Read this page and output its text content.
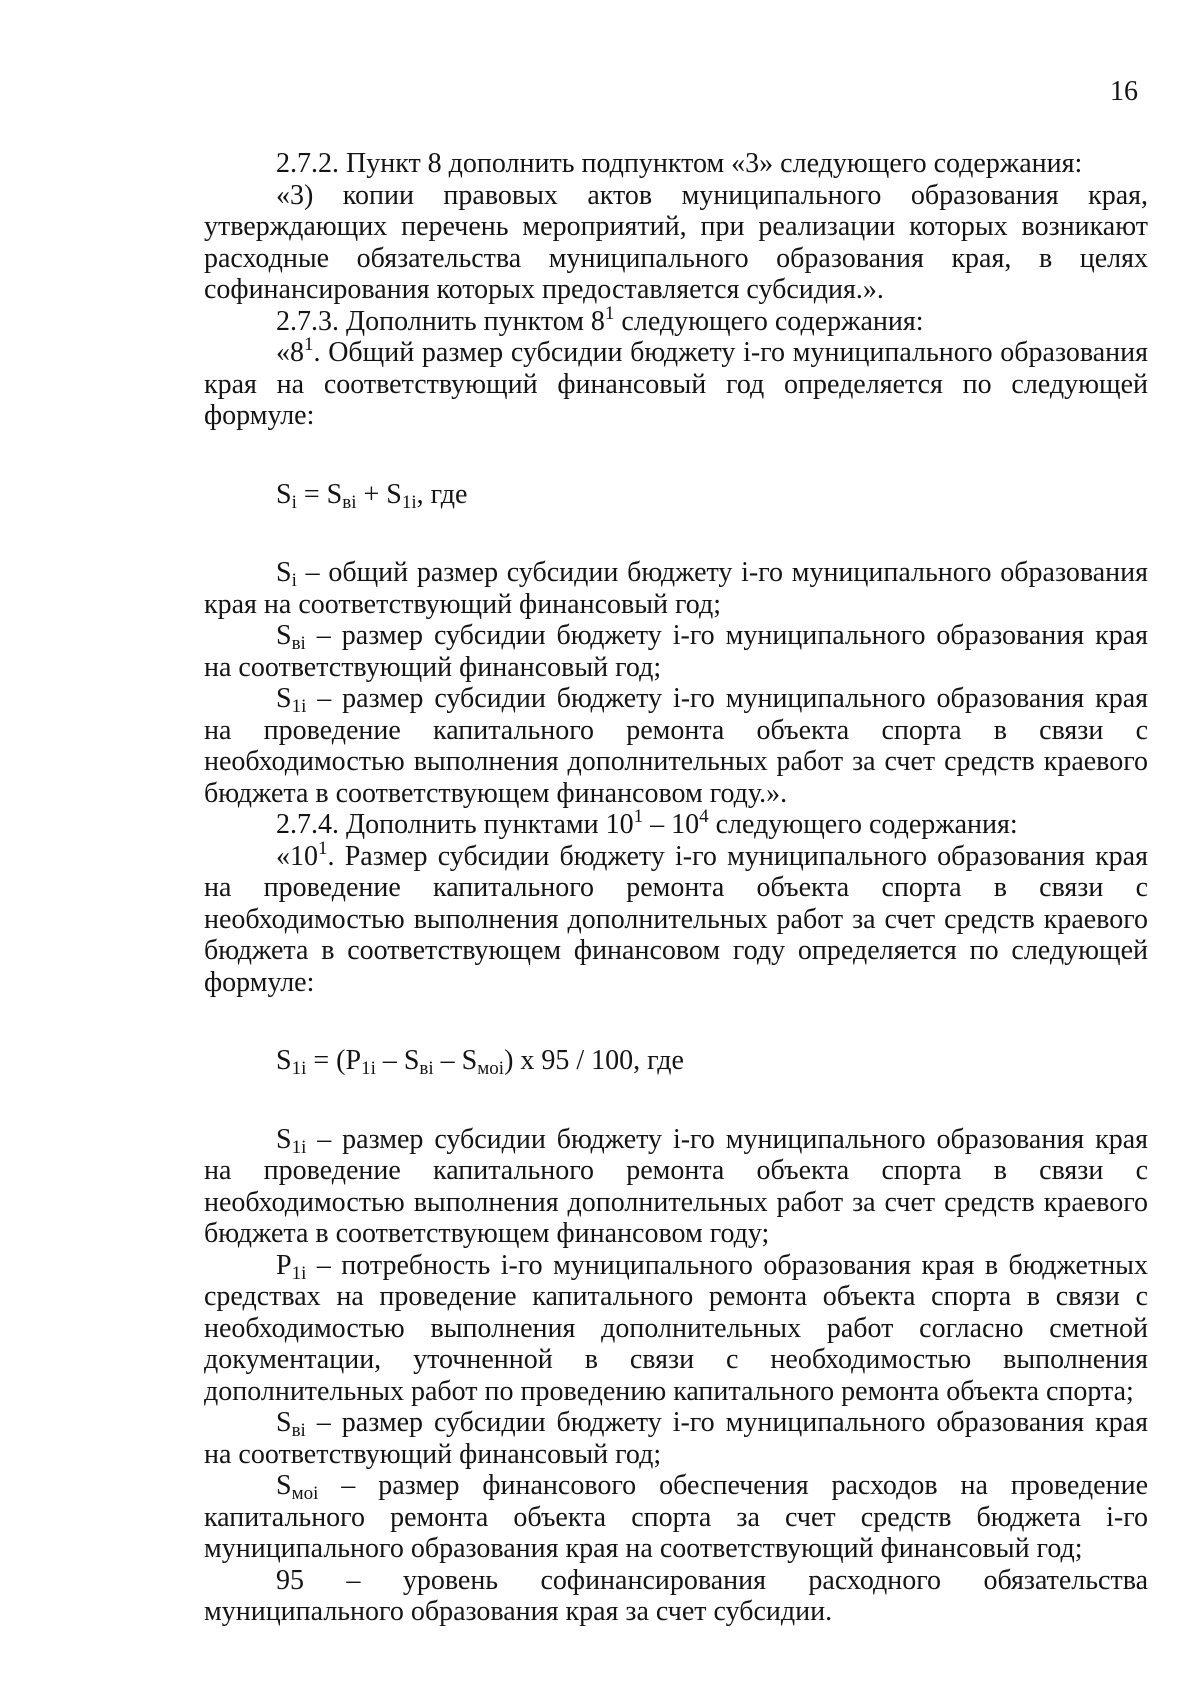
16

2.7.2. Пункт 8 дополнить подпунктом «3» следующего содержания:

«3) копии правовых актов муниципального образования края, утверждающих перечень мероприятий, при реализации которых возникают расходные обязательства муниципального образования края, в целях софинансирования которых предоставляется субсидия.».

2.7.3. Дополнить пунктом $8^1$ следующего содержания:

«$8^1$. Общий размер субсидии бюджету i-го муниципального образования края на соответствующий финансовый год определяется по следующей формуле:

$S_i = S_{вi} + S_{1i}$, где

$S_i$ – общий размер субсидии бюджету i-го муниципального образования края на соответствующий финансовый год;

$S_{вi}$ – размер субсидии бюджету i-го муниципального образования края на соответствующий финансовый год;

$S_{1i}$ – размер субсидии бюджету i-го муниципального образования края на проведение капитального ремонта объекта спорта в связи с необходимостью выполнения дополнительных работ за счет средств краевого бюджета в соответствующем финансовом году.».

2.7.4. Дополнить пунктами $10^1 - 10^4$ следующего содержания:

«$10^1$. Размер субсидии бюджету i-го муниципального образования края на проведение капитального ремонта объекта спорта в связи с необходимостью выполнения дополнительных работ за счет средств краевого бюджета в соответствующем финансовом году определяется по следующей формуле:

$S_{1i} = (P_{1i} - S_{вi} - S_{моi})$ х 95 / 100, где

$S_{1i}$ – размер субсидии бюджету i-го муниципального образования края на проведение капитального ремонта объекта спорта в связи с необходимостью выполнения дополнительных работ за счет средств краевого бюджета в соответствующем финансовом году;

$P_{1i}$ – потребность i-го муниципального образования края в бюджетных средствах на проведение капитального ремонта объекта спорта в связи с необходимостью выполнения дополнительных работ согласно сметной документации, уточненной в связи с необходимостью выполнения дополнительных работ по проведению капитального ремонта объекта спорта;

$S_{вi}$ – размер субсидии бюджету i-го муниципального образования края на соответствующий финансовый год;

$S_{моi}$ – размер финансового обеспечения расходов на проведение капитального ремонта объекта спорта за счет средств бюджета i-го муниципального образования края на соответствующий финансовый год;

95 – уровень софинансирования расходного обязательства муниципального образования края за счет субсидии.
